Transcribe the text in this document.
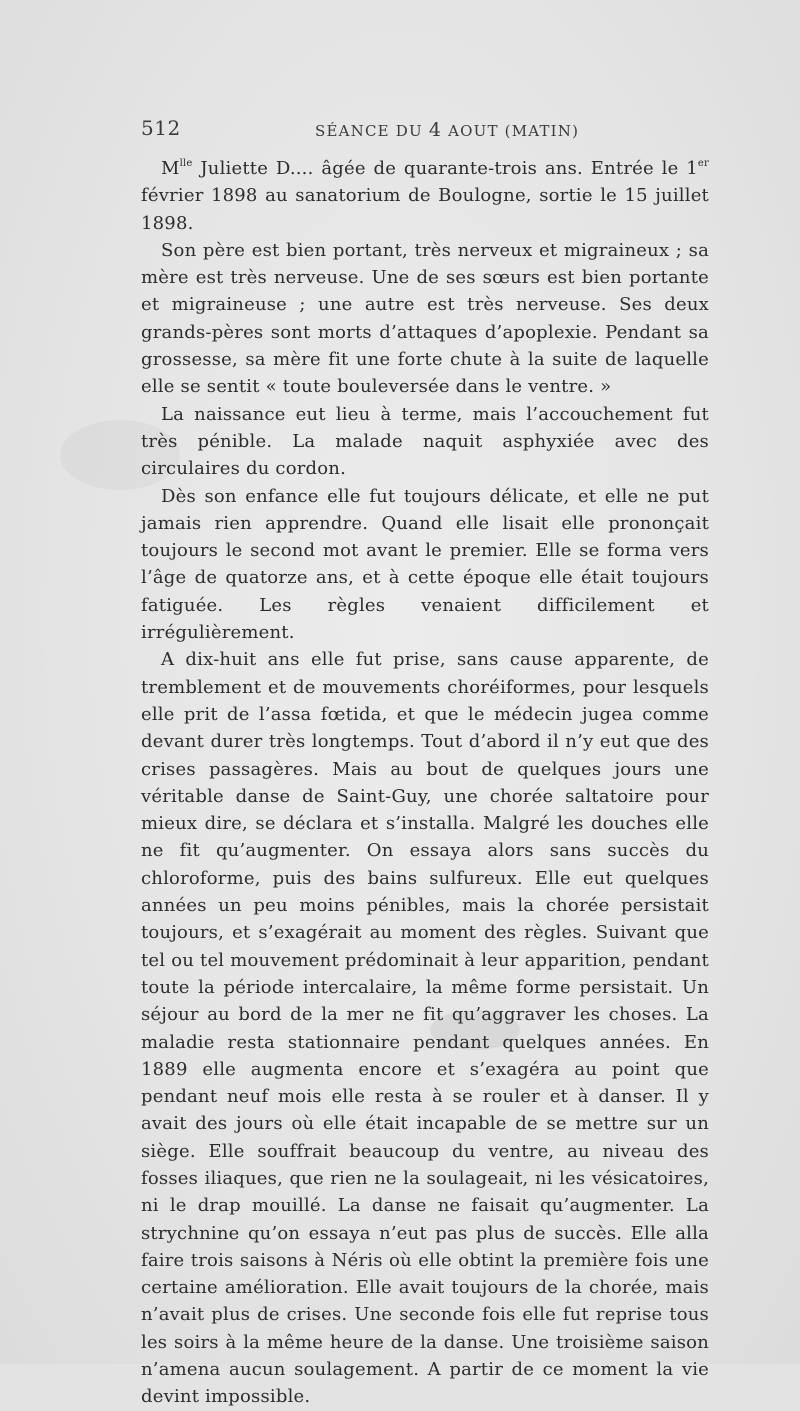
512	SÉANCE DU 4 AOUT (MATIN)

$M^{lle}$ Juliette D.... âgée de quarante-trois ans. Entrée le 1er février 1898 au sanatorium de Boulogne, sortie le 15 juillet 1898.

Son père est bien portant, très nerveux et migraineux ; sa mère est très nerveuse. Une de ses sœurs est bien portante et migraineuse ; une autre est très nerveuse. Ses deux grands-pères sont morts d’attaques d’apoplexie. Pendant sa grossesse, sa mère fit une forte chute à la suite de laquelle elle se sentit « toute bouleversée dans le ventre. »

La naissance eut lieu à terme, mais l’accouchement fut très pénible. La malade naquit asphyxiée avec des circulaires du cordon.

Dès son enfance elle fut toujours délicate, et elle ne put jamais rien apprendre. Quand elle lisait elle prononçait toujours le second mot avant le premier. Elle se forma vers l’âge de quatorze ans, et à cette époque elle était toujours fatiguée. Les règles venaient difficilement et irrégulièrement.

A dix-huit ans elle fut prise, sans cause apparente, de tremblement et de mouvements choréiformes, pour lesquels elle prit de l’assa fœtida, et que le médecin jugea comme devant durer très longtemps. Tout d’abord il n’y eut que des crises passagères. Mais au bout de quelques jours une véritable danse de Saint-Guy, une chorée saltatoire pour mieux dire, se déclara et s’installa. Malgré les douches elle ne fit qu’augmenter. On essaya alors sans succès du chloroforme, puis des bains sulfureux. Elle eut quelques années un peu moins pénibles, mais la chorée persistait toujours, et s’exagérait au moment des règles. Suivant que tel ou tel mouvement prédominait à leur apparition, pendant toute la période intercalaire, la même forme persistait. Un séjour au bord de la mer ne fit qu’aggraver les choses. La maladie resta stationnaire pendant quelques années. En 1889 elle augmenta encore et s’exagéra au point que pendant neuf mois elle resta à se rouler et à danser. Il y avait des jours où elle était incapable de se mettre sur un siège. Elle souffrait beaucoup du ventre, au niveau des fosses iliaques, que rien ne la soulageait, ni les vésicatoires, ni le drap mouillé. La danse ne faisait qu’augmenter. La strychnine qu’on essaya n’eut pas plus de succès. Elle alla faire trois saisons à Néris où elle obtint la première fois une certaine amélioration. Elle avait toujours de la chorée, mais n’avait plus de crises. Une seconde fois elle fut reprise tous les soirs à la même heure de la danse. Une troisième saison n’amena aucun soulagement. A partir de ce moment la vie devint impossible.
